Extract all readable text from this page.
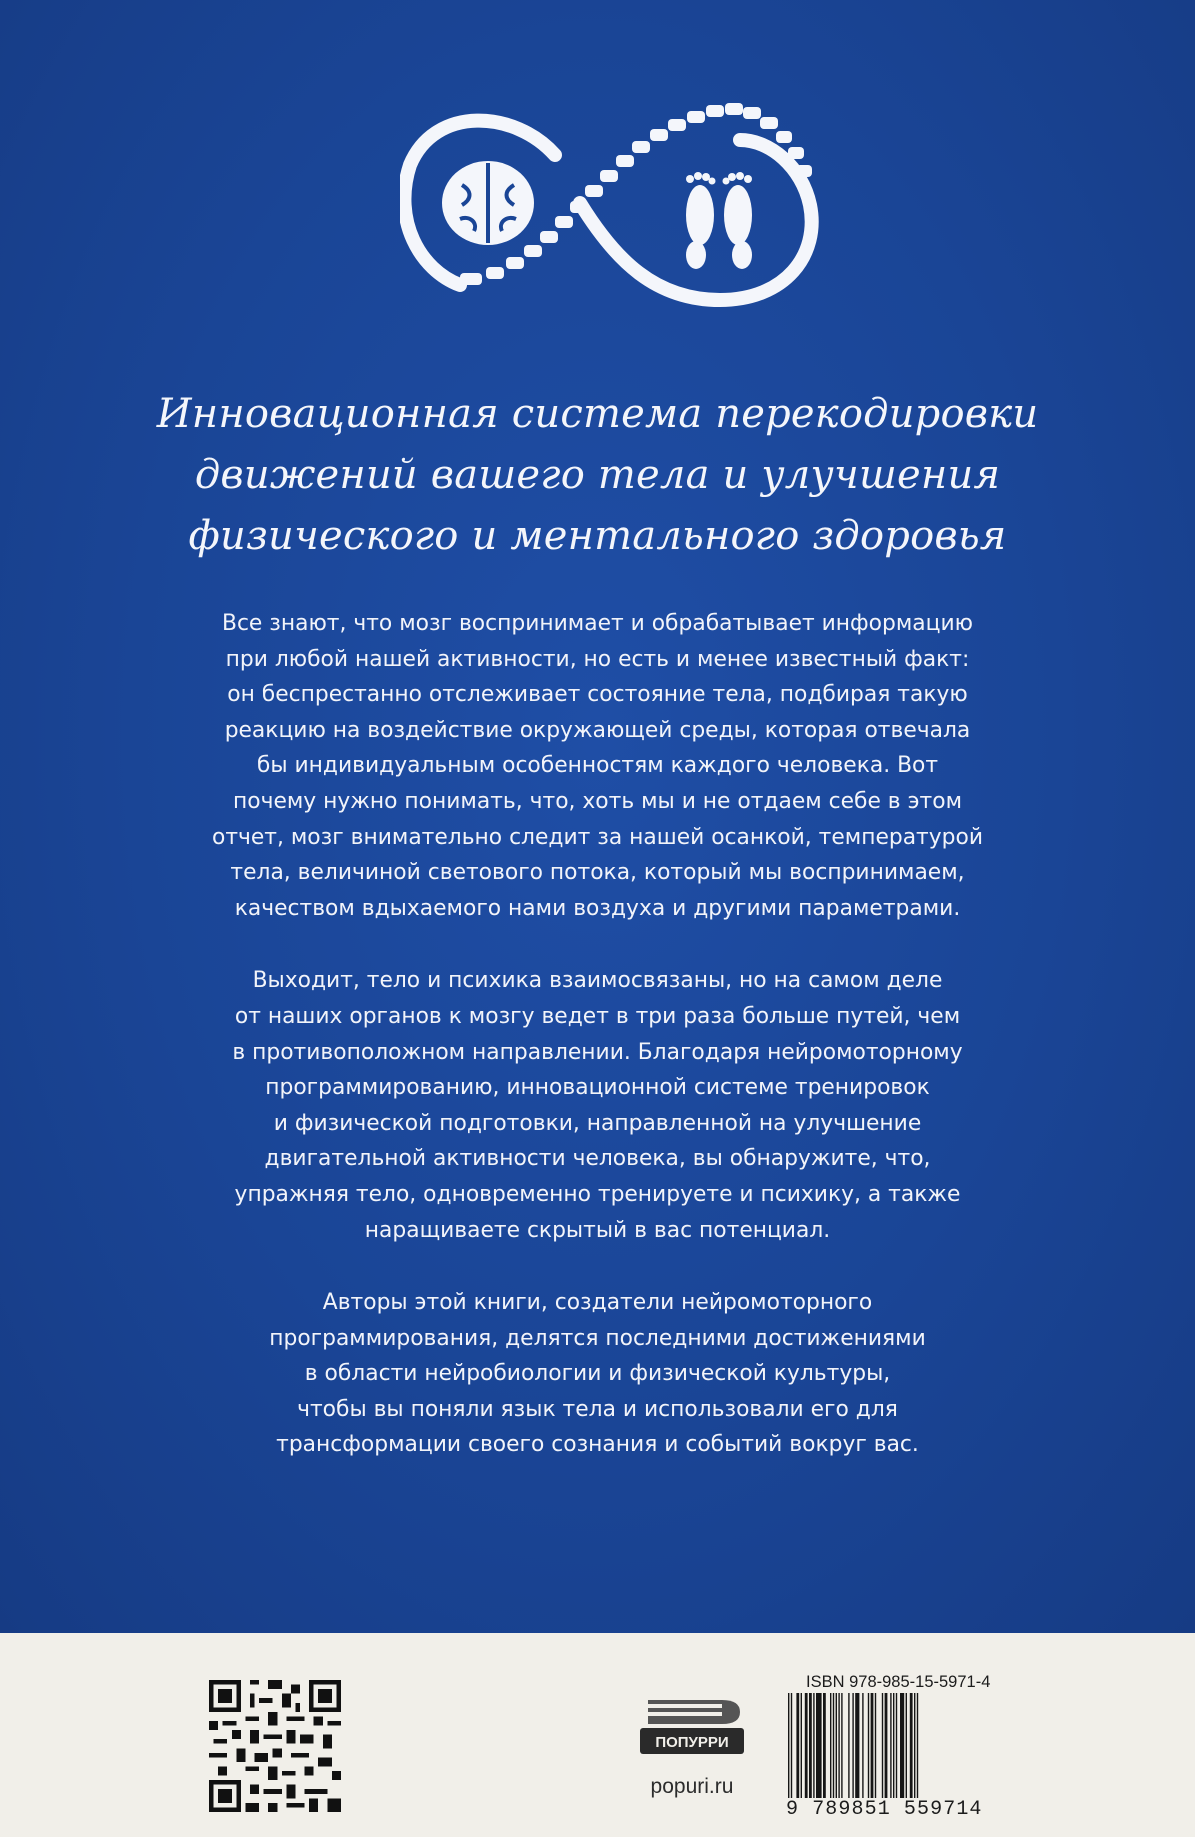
Инновационная система перекодировки
движений вашего тела и улучшения
физического и ментального здоровья
Все знают, что мозг воспринимает и обрабатывает информацию
при любой нашей активности, но есть и менее известный факт:
он беспрестанно отслеживает состояние тела, подбирая такую
реакцию на воздействие окружающей среды, которая отвечала
бы индивидуальным особенностям каждого человека. Вот
почему нужно понимать, что, хоть мы и не отдаем себе в этом
отчет, мозг внимательно следит за нашей осанкой, температурой
тела, величиной светового потока, который мы воспринимаем,
качеством вдыхаемого нами воздуха и другими параметрами.
Выходит, тело и психика взаимосвязаны, но на самом деле
от наших органов к мозгу ведет в три раза больше путей, чем
в противоположном направлении. Благодаря нейромоторному
программированию, инновационной системе тренировок
и физической подготовки, направленной на улучшение
двигательной активности человека, вы обнаружите, что,
упражняя тело, одновременно тренируете и психику, а также
наращиваете скрытый в вас потенциал.
Авторы этой книги, создатели нейромоторного
программирования, делятся последними достижениями
в области нейробиологии и физической культуры,
чтобы вы поняли язык тела и использовали его для
трансформации своего сознания и событий вокруг вас.
ПОПУРРИ
popuri.ru
ISBN 978-985-15-5971-4
9 789851 559714
